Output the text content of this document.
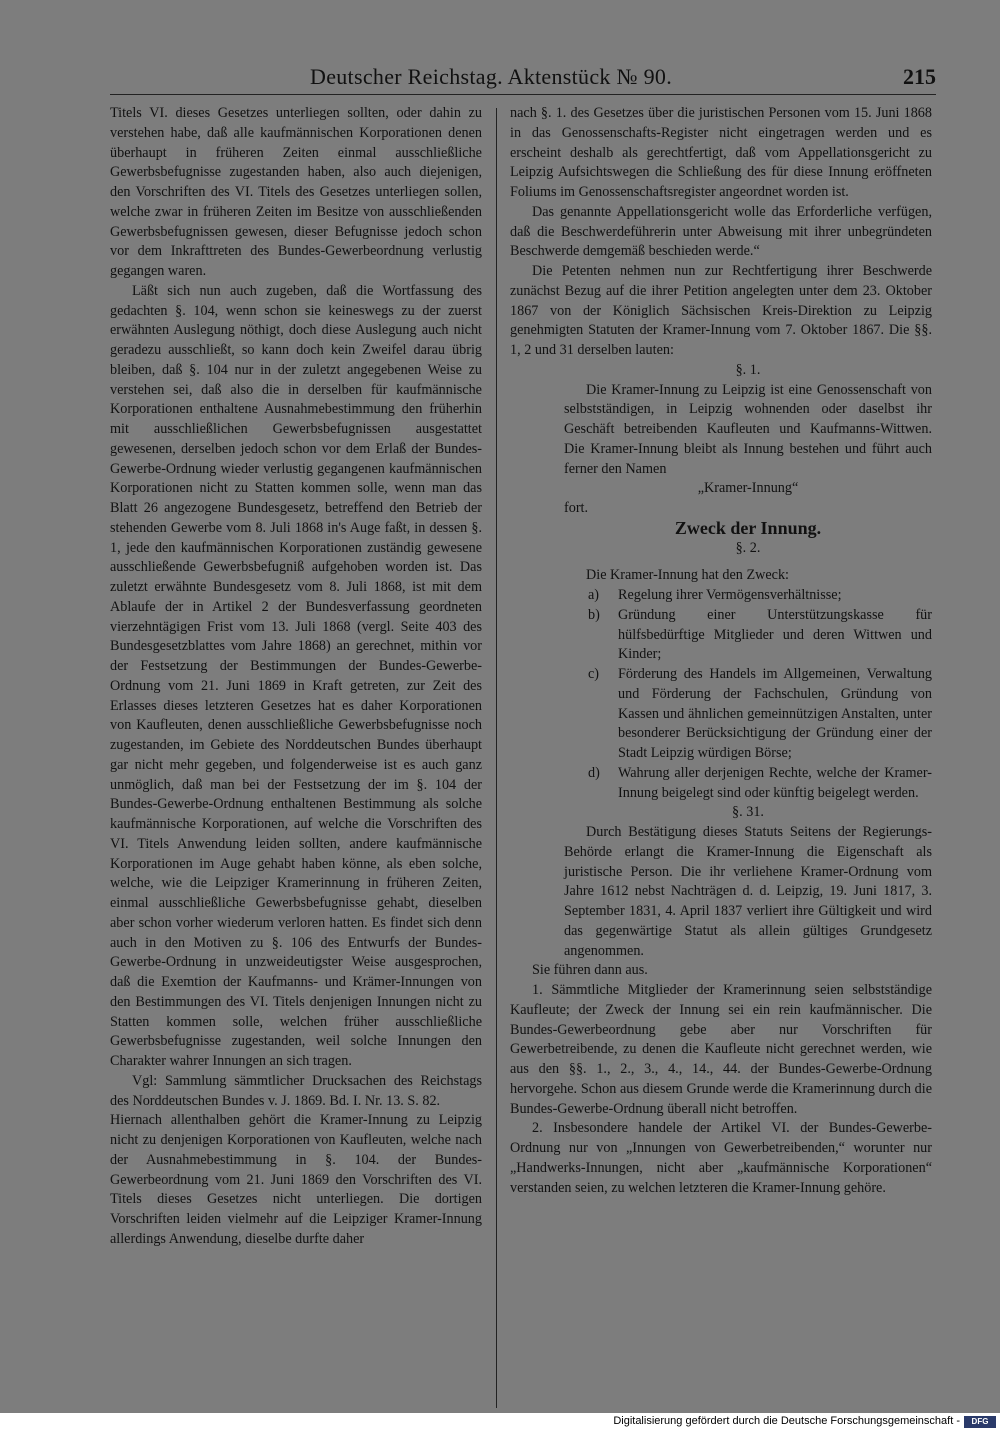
Deutscher Reichstag. Aktenstück № 90.	215

Titels VI. dieses Gesetzes unterliegen sollten, oder dahin zu verstehen habe, daß alle kaufmännischen Korporationen denen überhaupt in früheren Zeiten einmal ausschließliche Gewerbsbefugnisse zugestanden haben, also auch diejenigen, den Vorschriften des VI. Titels des Gesetzes unterliegen sollen, welche zwar in früheren Zeiten im Besitze von ausschließenden Gewerbsbefugnissen gewesen, dieser Befugnisse jedoch schon vor dem Inkrafttreten des Bundes-Gewerbeordnung verlustig gegangen waren.

Läßt sich nun auch zugeben, daß die Wortfassung des gedachten §. 104, wenn schon sie keineswegs zu der zuerst erwähnten Auslegung nöthigt, doch diese Auslegung auch nicht geradezu ausschließt, so kann doch kein Zweifel darau übrig bleiben, daß §. 104 nur in der zuletzt angegebenen Weise zu verstehen sei, daß also die in derselben für kaufmännische Korporationen enthaltene Ausnahmebestimmung den früherhin mit ausschließlichen Gewerbsbefugnissen ausgestattet gewesenen, derselben jedoch schon vor dem Erlaß der Bundes-Gewerbe-Ordnung wieder verlustig gegangenen kaufmännischen Korporationen nicht zu Statten kommen solle, wenn man das Blatt 26 angezogene Bundesgesetz, betreffend den Betrieb der stehenden Gewerbe vom 8. Juli 1868 in's Auge faßt, in dessen §. 1, jede den kaufmännischen Korporationen zuständig gewesene ausschließende Gewerbsbefugniß aufgehoben worden ist. Das zuletzt erwähnte Bundesgesetz vom 8. Juli 1868, ist mit dem Ablaufe der in Artikel 2 der Bundesverfassung geordneten vierzehntägigen Frist vom 13. Juli 1868 (vergl. Seite 403 des Bundesgesetzblattes vom Jahre 1868) an gerechnet, mithin vor der Festsetzung der Bestimmungen der Bundes-Gewerbe-Ordnung vom 21. Juni 1869 in Kraft getreten, zur Zeit des Erlasses dieses letzteren Gesetzes hat es daher Korporationen von Kaufleuten, denen ausschließliche Gewerbsbefugnisse noch zugestanden, im Gebiete des Norddeutschen Bundes überhaupt gar nicht mehr gegeben, und folgenderweise ist es auch ganz unmöglich, daß man bei der Festsetzung der im §. 104 der Bundes-Gewerbe-Ordnung enthaltenen Bestimmung als solche kaufmännische Korporationen, auf welche die Vorschriften des VI. Titels Anwendung leiden sollten, andere kaufmännische Korporationen im Auge gehabt haben könne, als eben solche, welche, wie die Leipziger Kramerinnung in früheren Zeiten, einmal ausschließliche Gewerbsbefugnisse gehabt, dieselben aber schon vorher wiederum verloren hatten. Es findet sich denn auch in den Motiven zu §. 106 des Entwurfs der Bundes-Gewerbe-Ordnung in unzweideutigster Weise ausgesprochen, daß die Exemtion der Kaufmanns- und Krämer-Innungen von den Bestimmungen des VI. Titels denjenigen Innungen nicht zu Statten kommen solle, welchen früher ausschließliche Gewerbsbefugnisse zugestanden, weil solche Innungen den Charakter wahrer Innungen an sich tragen.

Vgl: Sammlung sämmtlicher Drucksachen des Reichstags des Norddeutschen Bundes v. J. 1869. Bd. I. Nr. 13. S. 82.

Hiernach allenthalben gehört die Kramer-Innung zu Leipzig nicht zu denjenigen Korporationen von Kaufleuten, welche nach der Ausnahmebestimmung in §. 104. der Bundes-Gewerbeordnung vom 21. Juni 1869 den Vorschriften des VI. Titels dieses Gesetzes nicht unterliegen. Die dortigen Vorschriften leiden vielmehr auf die Leipziger Kramer-Innung allerdings Anwendung, dieselbe durfte daher

nach §. 1. des Gesetzes über die juristischen Personen vom 15. Juni 1868 in das Genossenschafts-Register nicht eingetragen werden und es erscheint deshalb als gerechtfertigt, daß vom Appellationsgericht zu Leipzig Aufsichtswegen die Schließung des für diese Innung eröffneten Foliums im Genossenschaftsregister angeordnet worden ist.

Das genannte Appellationsgericht wolle das Erforderliche verfügen, daß die Beschwerdeführerin unter Abweisung mit ihrer unbegründeten Beschwerde demgemäß beschieden werde.“

Die Petenten nehmen nun zur Rechtfertigung ihrer Beschwerde zunächst Bezug auf die ihrer Petition angelegten unter dem 23. Oktober 1867 von der Königlich Sächsischen Kreis-Direktion zu Leipzig genehmigten Statuten der Kramer-Innung vom 7. Oktober 1867. Die §§. 1, 2 und 31 derselben lauten:

§. 1.

Die Kramer-Innung zu Leipzig ist eine Genossenschaft von selbstständigen, in Leipzig wohnenden oder daselbst ihr Geschäft betreibenden Kaufleuten und Kaufmanns-Wittwen. Die Kramer-Innung bleibt als Innung bestehen und führt auch ferner den Namen

„Kramer-Innung“

fort.

Zweck der Innung.

§. 2.

Die Kramer-Innung hat den Zweck:

a) Regelung ihrer Vermögensverhältnisse;

b) Gründung einer Unterstützungskasse für hülfsbedürftige Mitglieder und deren Wittwen und Kinder;

c) Förderung des Handels im Allgemeinen, Verwaltung und Förderung der Fachschulen, Gründung von Kassen und ähnlichen gemeinnützigen Anstalten, unter besonderer Berücksichtigung der Gründung einer der Stadt Leipzig würdigen Börse;

d) Wahrung aller derjenigen Rechte, welche der Kramer-Innung beigelegt sind oder künftig beigelegt werden.

§. 31.

Durch Bestätigung dieses Statuts Seitens der Regierungs-Behörde erlangt die Kramer-Innung die Eigenschaft als juristische Person. Die ihr verliehene Kramer-Ordnung vom Jahre 1612 nebst Nachträgen d. d. Leipzig, 19. Juni 1817, 3. September 1831, 4. April 1837 verliert ihre Gültigkeit und wird das gegenwärtige Statut als allein gültiges Grundgesetz angenommen.

Sie führen dann aus.

1. Sämmtliche Mitglieder der Kramerinnung seien selbstständige Kaufleute; der Zweck der Innung sei ein rein kaufmännischer. Die Bundes-Gewerbeordnung gebe aber nur Vorschriften für Gewerbetreibende, zu denen die Kaufleute nicht gerechnet werden, wie aus den §§. 1., 2., 3., 4., 14., 44. der Bundes-Gewerbe-Ordnung hervorgehe. Schon aus diesem Grunde werde die Kramerinnung durch die Bundes-Gewerbe-Ordnung überall nicht betroffen.

2. Insbesondere handele der Artikel VI. der Bundes-Gewerbe-Ordnung nur von „Innungen von Gewerbetreibenden,“ worunter nur „Handwerks-Innungen, nicht aber „kaufmännische Korporationen“ verstanden seien, zu welchen letzteren die Kramer-Innung gehöre.

Digitalisierung gefördert durch die Deutsche Forschungsgemeinschaft -	DFG
